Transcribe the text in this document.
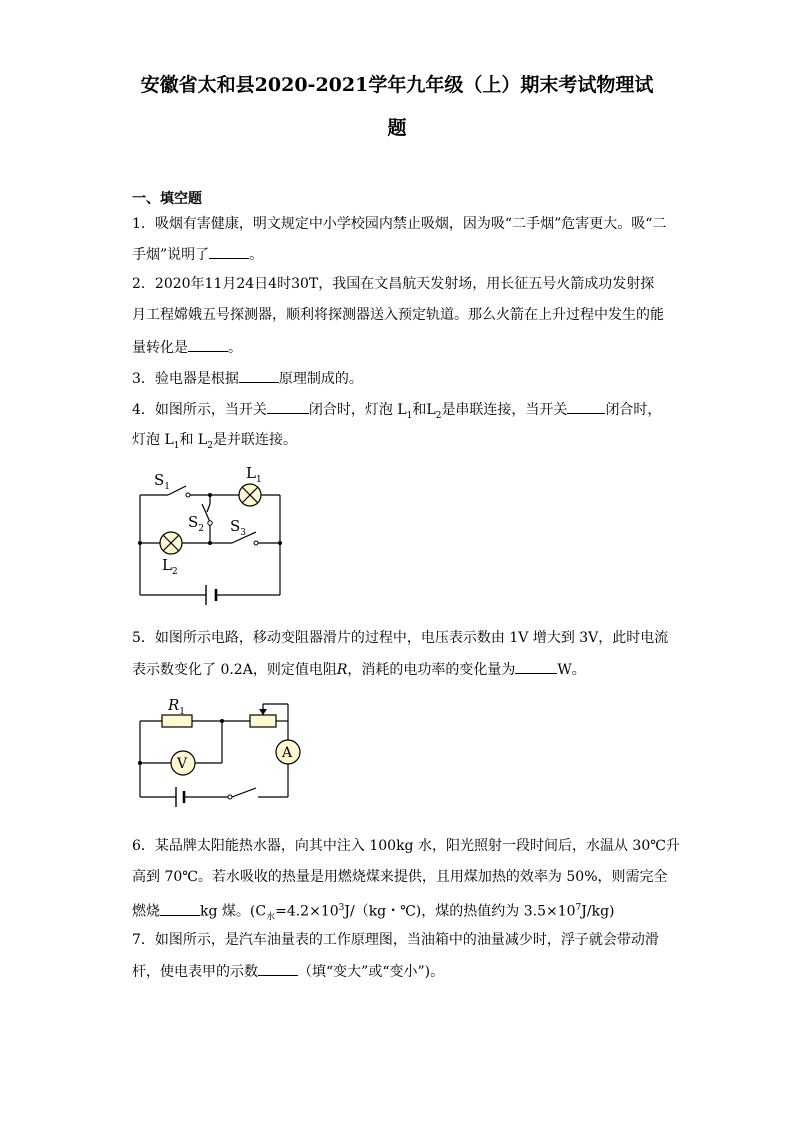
安徽省太和县2020-2021学年九年级（上）期末考试物理试
题
一、填空题
1．吸烟有害健康，明文规定中小学校园内禁止吸烟，因为吸“二手烟”危害更大。吸“二
手烟”说明了	。
2．2020年11月24日4时30T，我国在文昌航天发射场，用长征五号火箭成功发射探
月工程嫦娥五号探测器，顺利将探测器送入预定轨道。那么火箭在上升过程中发生的能
量转化是	。
3．验电器是根据	原理制成的。
4．如图所示，当开关	闭合时，灯泡 $L_1$和$L_2$是串联连接，当开关	闭合时，
灯泡 $L_1$和 $L_2$是并联连接。
$S_1$
$L_1$
$S_2$ $S_3$
$L_2$
5．如图所示电路，移动变阻器滑片的过程中，电压表示数由 1V 增大到 3V，此时电流
表示数变化了 0.2A，则定值电阻R，消耗的电功率的变化量为	W。
$R_1$
V
A
6．某品牌太阳能热水器，向其中注入 100kg 水，阳光照射一段时间后，水温从 30℃升
高到 70℃。若水吸收的热量是用燃烧煤来提供，且用煤加热的效率为 50%，则需完全
燃烧	kg 煤。($C_水=4.2\times 10^3J/(kg$・℃)，煤的热值约为 $3.5\times 10^7J/kg$)
7．如图所示，是汽车油量表的工作原理图，当油箱中的油量减少时，浮子就会带动滑
杆，使电表甲的示数	（填“变大”或“变小”)。
